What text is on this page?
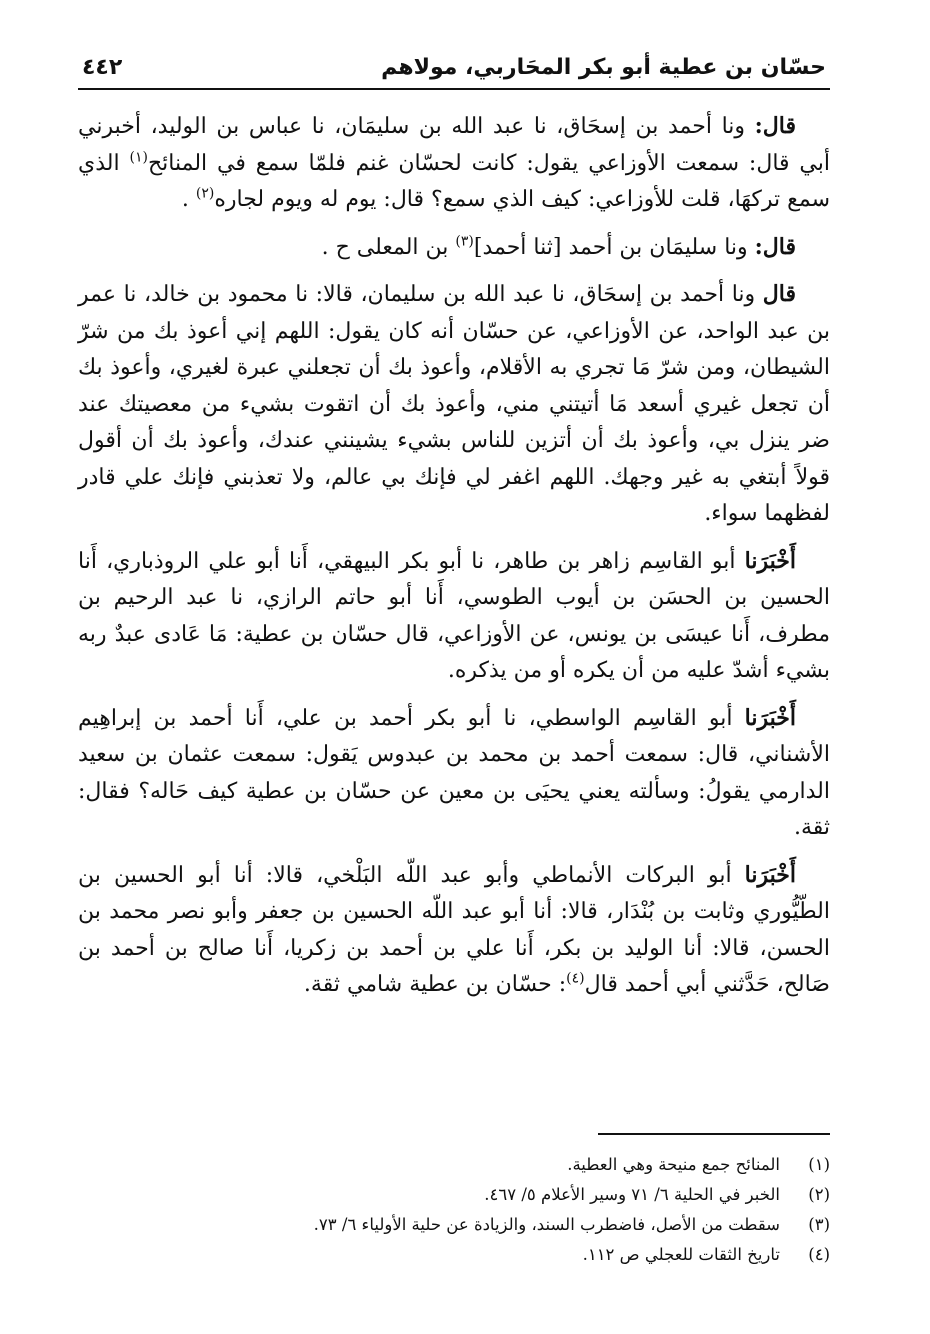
حسّان بن عطية أبو بكر المحَاربي، مولاهم
٤٤٢

قال: ونا أحمد بن إسحَاق، نا عبد الله بن سليمَان، نا عباس بن الوليد، أخبرني أبي قال: سمعت الأوزاعي يقول: كانت لحسّان غنم فلمّا سمع في المنائح$^{(١)}$ الذي سمع تركهَا، قلت للأوزاعي: كيف الذي سمع؟ قال: يوم له ويوم لجاره$^{(٢)}$ .

قال: ونا سليمَان بن أحمد [ثنا أحمد]$^{(٣)}$ بن المعلى ح .

قال ونا أحمد بن إسحَاق، نا عبد الله بن سليمان، قالا: نا محمود بن خالد، نا عمر بن عبد الواحد، عن الأوزاعي، عن حسّان أنه كان يقول: اللهم إني أعوذ بك من شرّ الشيطان، ومن شرّ مَا تجري به الأقلام، وأعوذ بك أن تجعلني عبرة لغيري، وأعوذ بك أن تجعل غيري أسعد مَا أتيتني مني، وأعوذ بك أن اتقوت بشيء من معصيتك عند ضر ينزل بي، وأعوذ بك أن أتزين للناس بشيء يشينني عندك، وأعوذ بك أن أقول قولاً أبتغي به غير وجهك. اللهم اغفر لي فإنك بي عالم، ولا تعذبني فإنك علي قادر لفظهما سواء.

أَخْبَرَنا أبو القاسِم زاهر بن طاهر، نا أبو بكر البيهقي، أَنا أبو علي الروذباري، أَنا الحسين بن الحسَن بن أيوب الطوسي، أَنا أبو حاتم الرازي، نا عبد الرحيم بن مطرف، أَنا عيسَى بن يونس، عن الأوزاعي، قال حسّان بن عطية: مَا عَادى عبدٌ ربه بشيء أشدّ عليه من أن يكره أو من يذكره.

أَخْبَرَنا أبو القاسِم الواسطي، نا أبو بكر أحمد بن علي، أَنا أحمد بن إبراهِيم الأشناني، قال: سمعت أحمد بن محمد بن عبدوس يَقول: سمعت عثمان بن سعيد الدارمي يقولُ: وسألته يعني يحيَى بن معين عن حسّان بن عطية كيف حَاله؟ فقال: ثقة.

أَخْبَرَنا أبو البركات الأنماطي وأبو عبد اللّه البَلْخي، قالا: أنا أبو الحسين بن الطّيُّوري وثابت بن بُنْدَار، قالا: أنا أبو عبد اللّه الحسين بن جعفر وأبو نصر محمد بن الحسن، قالا: أنا الوليد بن بكر، أَنا علي بن أحمد بن زكريا، أَنا صالح بن أحمد بن صَالح، حَدَّثني أبي أحمد قال$^{(٤)}$: حسّان بن عطية شامي ثقة.

(١)
المنائح جمع منيحة وهي العطية.
(٢)
الخبر في الحلية ٦/ ٧١ وسير الأعلام ٥/ ٤٦٧.
(٣)
سقطت من الأصل، فاضطرب السند، والزيادة عن حلية الأولياء ٦/ ٧٣.
(٤)
تاريخ الثقات للعجلي ص ١١٢.
